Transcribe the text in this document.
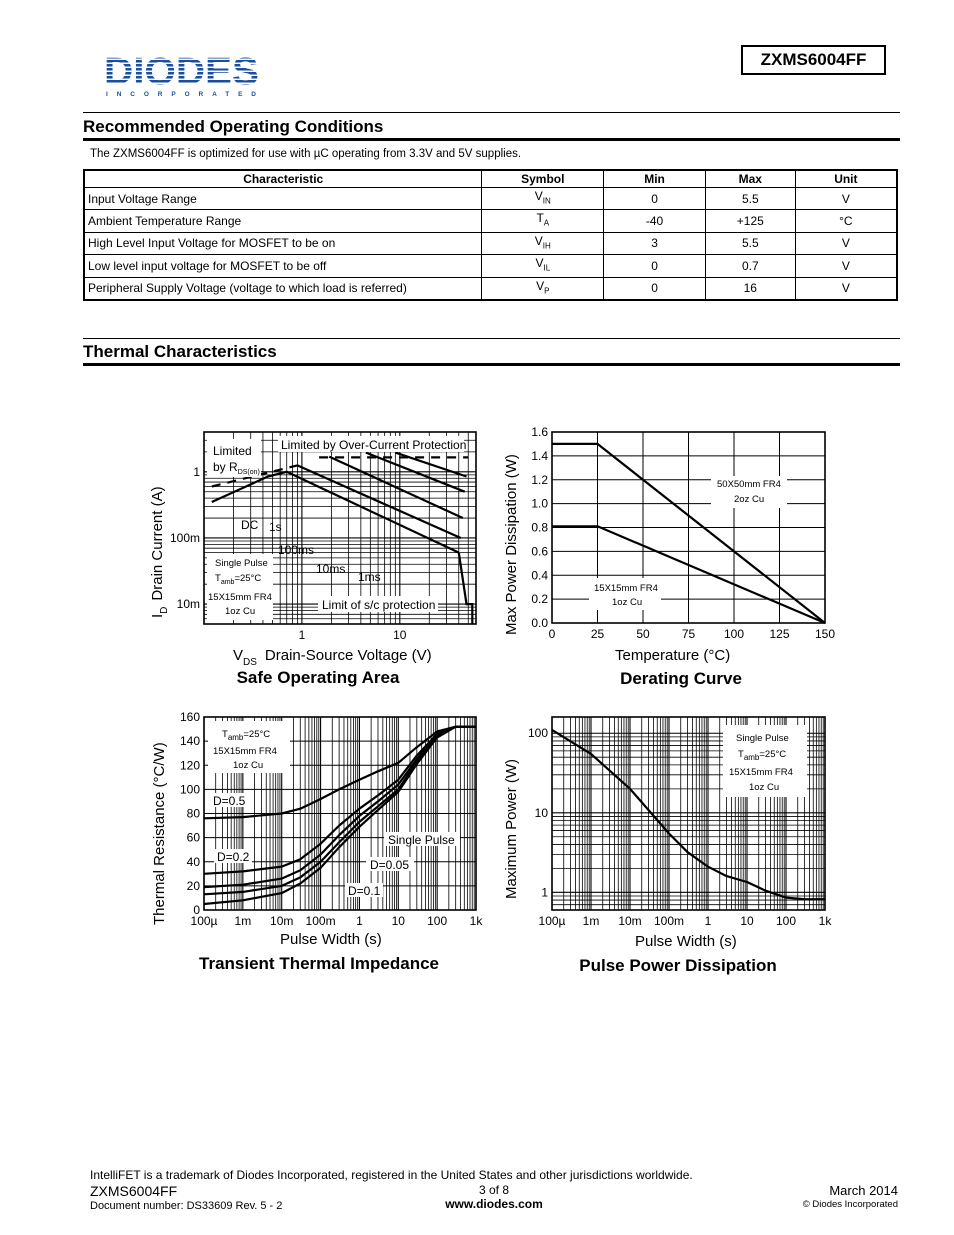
DIODES
INCORPORATED
ZXMS6004FF
Recommended Operating Conditions
The ZXMS6004FF is optimized for use with µC operating from 3.3V and 5V supplies.
Characteristic	Symbol	Min	Max	Unit
Input Voltage Range	$V_{IN}$	0	5.5	V
Ambient Temperature Range	$T_A$	-40	+125	°C
High Level Input Voltage for MOSFET to be on	$V_{IH}$	3	5.5	V
Low level input voltage for MOSFET to be off	$V_{IL}$	0	0.7	V
Peripheral Supply Voltage (voltage to which load is referred)	$V_P$	0	16	V
Thermal Characteristics
1	10
10m
100m
1
Limited
by $R_{DS(on)}$
Limited by Over-Current Protection
DC 1s
100ms
10ms
1ms
Single Pulse
$T_{amb}=25^\circ C$
15X15mm FR4
1oz Cu	Limit of s/c protection
$V_{DS}$ Drain-Source Voltage (V)
$I_DDrain$ Current (A)
Safe Operating Area
0	25	50	75 100 125 150
0.0
0.2
0.4
0.6
0.8
1.0
1.2
1.4
1.6
50X50mm FR4
2oz Cu
15X15mm FR4
1oz Cu
Temperature (°C)
Max Power Dissipation (W)
Derating Curve
100µ 1m 10m 100m 1 10 100 1k
0
20
40
60
80
100
120
140
160
$T_{amb}=25^\circ C$
15X15mm FR4
1oz Cu
D=0.5
D=0.2
Single Pulse
D=0.05
D=0.1
Pulse Width (s)
Thermal Resistance (°C/W)
Transient Thermal Impedance
100µ 1m 10m 100m 1 10 100 1k
1
10
100	Single Pulse
$T_{amb}=25^\circ C$
15X15mm FR4
1oz Cu
Pulse Width (s)
Maximum Power (W)
Pulse Power Dissipation
IntelliFET is a trademark of Diodes Incorporated, registered in the United States and other jurisdictions worldwide.
ZXMS6004FF
Document number: DS33609 Rev. 5 - 2
3 of 8
www.diodes.com
March 2014
© Diodes Incorporated
